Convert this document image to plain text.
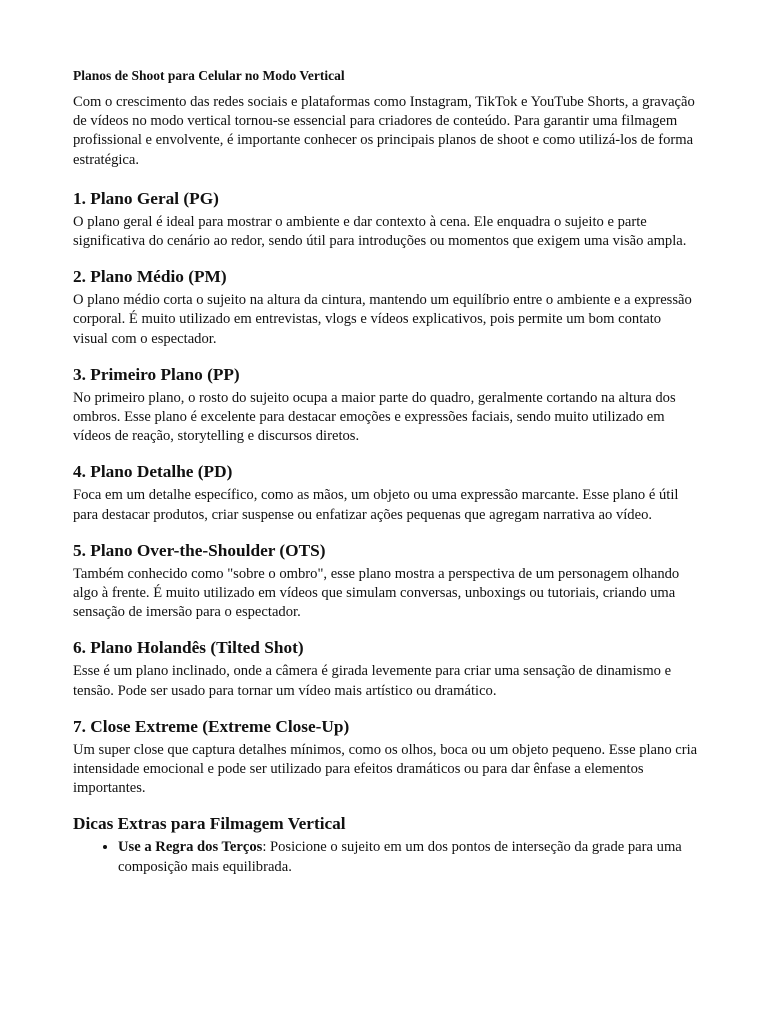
Planos de Shoot para Celular no Modo Vertical

Com o crescimento das redes sociais e plataformas como Instagram, TikTok e YouTube Shorts, a gravação de vídeos no modo vertical tornou-se essencial para criadores de conteúdo. Para garantir uma filmagem profissional e envolvente, é importante conhecer os principais planos de shoot e como utilizá-los de forma estratégica.

1. Plano Geral (PG)

O plano geral é ideal para mostrar o ambiente e dar contexto à cena. Ele enquadra o sujeito e parte significativa do cenário ao redor, sendo útil para introduções ou momentos que exigem uma visão ampla.

2. Plano Médio (PM)

O plano médio corta o sujeito na altura da cintura, mantendo um equilíbrio entre o ambiente e a expressão corporal. É muito utilizado em entrevistas, vlogs e vídeos explicativos, pois permite um bom contato visual com o espectador.

3. Primeiro Plano (PP)

No primeiro plano, o rosto do sujeito ocupa a maior parte do quadro, geralmente cortando na altura dos ombros. Esse plano é excelente para destacar emoções e expressões faciais, sendo muito utilizado em vídeos de reação, storytelling e discursos diretos.

4. Plano Detalhe (PD)

Foca em um detalhe específico, como as mãos, um objeto ou uma expressão marcante. Esse plano é útil para destacar produtos, criar suspense ou enfatizar ações pequenas que agregam narrativa ao vídeo.

5. Plano Over-the-Shoulder (OTS)

Também conhecido como "sobre o ombro", esse plano mostra a perspectiva de um personagem olhando algo à frente. É muito utilizado em vídeos que simulam conversas, unboxings ou tutoriais, criando uma sensação de imersão para o espectador.

6. Plano Holandês (Tilted Shot)

Esse é um plano inclinado, onde a câmera é girada levemente para criar uma sensação de dinamismo e tensão. Pode ser usado para tornar um vídeo mais artístico ou dramático.

7. Close Extreme (Extreme Close-Up)

Um super close que captura detalhes mínimos, como os olhos, boca ou um objeto pequeno. Esse plano cria intensidade emocional e pode ser utilizado para efeitos dramáticos ou para dar ênfase a elementos importantes.

Dicas Extras para Filmagem Vertical
• Use a Regra dos Terços: Posicione o sujeito em um dos pontos de interseção da grade para uma composição mais equilibrada.
